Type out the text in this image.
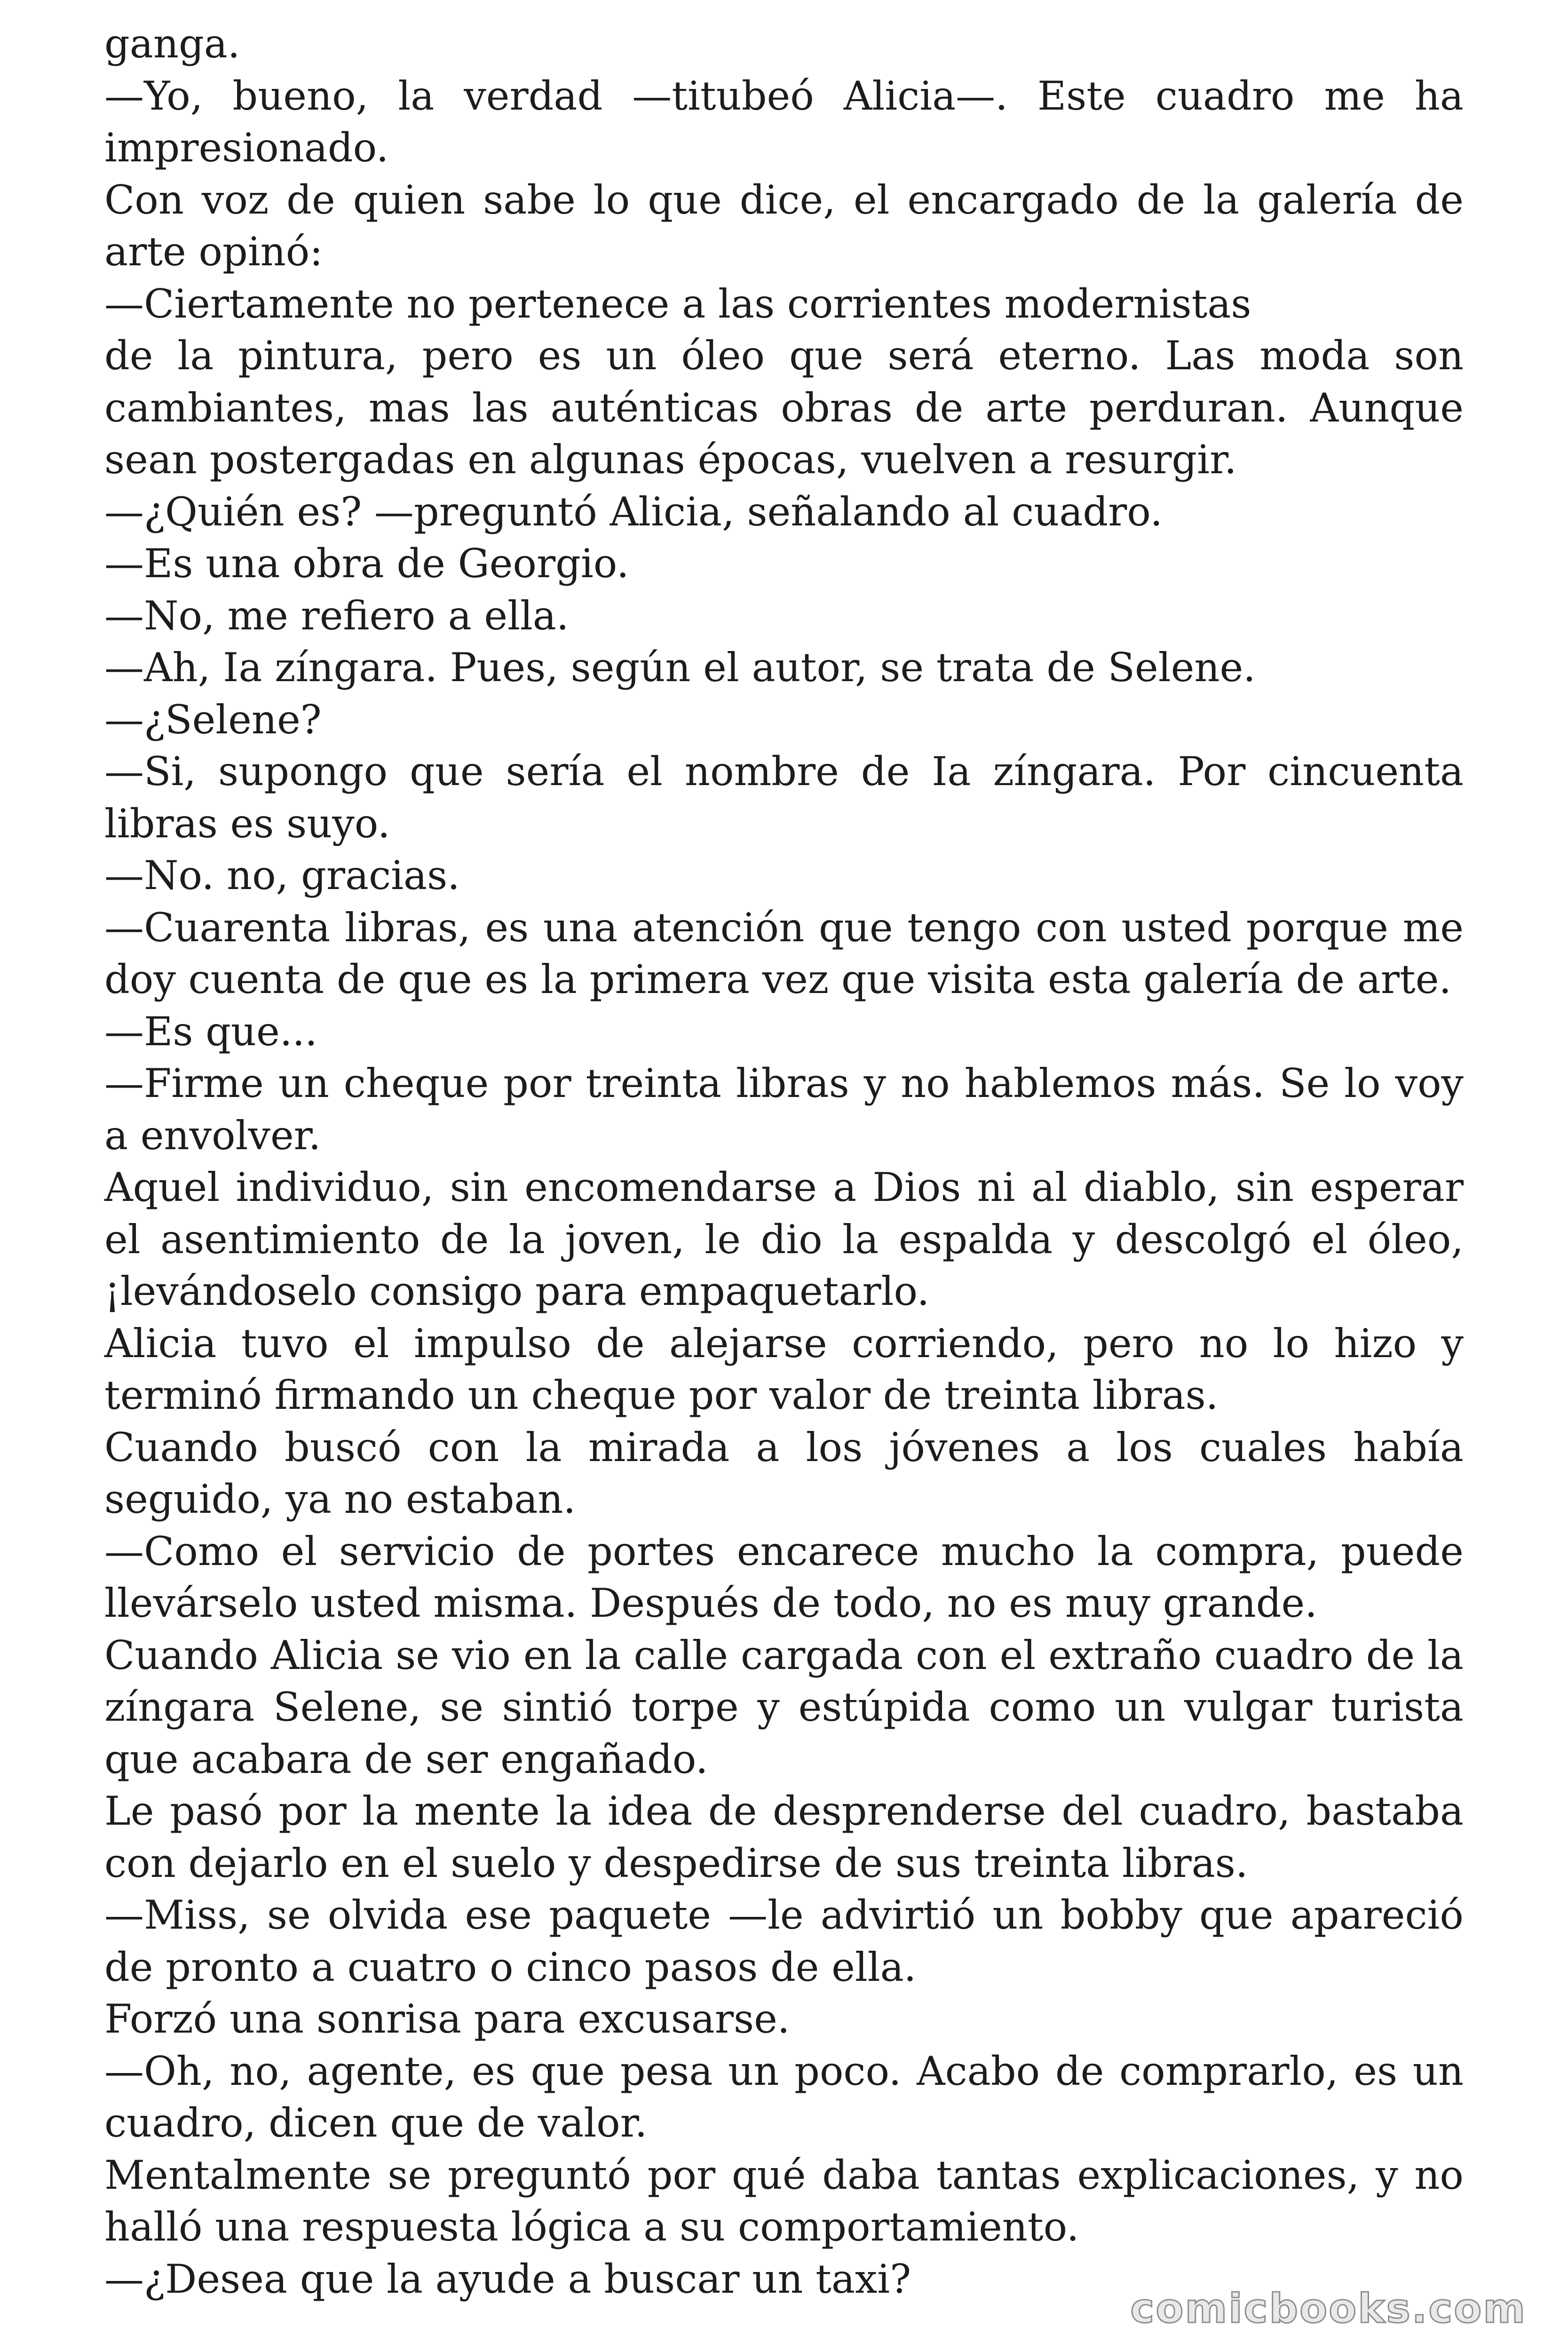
ganga.

—Yo, bueno, la verdad —titubeó Alicia—. Este cuadro me ha impresionado.

Con voz de quien sabe lo que dice, el encargado de la galería de arte opinó:

—Ciertamente no pertenece a las corrientes modernistas

de la pintura, pero es un óleo que será eterno. Las moda son cambiantes, mas las auténticas obras de arte perduran. Aunque sean postergadas en algunas épocas, vuelven a resurgir.

—¿Quién es? —preguntó Alicia, señalando al cuadro.

—Es una obra de Georgio.

—No, me refiero a ella.

—Ah, Ia zíngara. Pues, según el autor, se trata de Selene.

—¿Selene?

—Si, supongo que sería el nombre de Ia zíngara. Por cincuenta libras es suyo.

—No. no, gracias.

—Cuarenta libras, es una atención que tengo con usted porque me doy cuenta de que es la primera vez que visita esta galería de arte.

—Es que...

—Firme un cheque por treinta libras y no hablemos más. Se lo voy a envolver.

Aquel individuo, sin encomendarse a Dios ni al diablo, sin esperar el asentimiento de la joven, le dio la espalda y descolgó el óleo, ¡levándoselo consigo para empaquetarlo.

Alicia tuvo el impulso de alejarse corriendo, pero no lo hizo y terminó firmando un cheque por valor de treinta libras.

Cuando buscó con la mirada a los jóvenes a los cuales había seguido, ya no estaban.

—Como el servicio de portes encarece mucho la compra, puede llevárselo usted misma. Después de todo, no es muy grande.

Cuando Alicia se vio en la calle cargada con el extraño cuadro de la zíngara Selene, se sintió torpe y estúpida como un vulgar turista que acabara de ser engañado.

Le pasó por la mente la idea de desprenderse del cuadro, bastaba con dejarlo en el suelo y despedirse de sus treinta libras.

—Miss, se olvida ese paquete —le advirtió un bobby que apareció de pronto a cuatro o cinco pasos de ella.

Forzó una sonrisa para excusarse.

—Oh, no, agente, es que pesa un poco. Acabo de comprarlo, es un cuadro, dicen que de valor.

Mentalmente se preguntó por qué daba tantas explicaciones, y no halló una respuesta lógica a su comportamiento.

—¿Desea que la ayude a buscar un taxi?

comicbooks.com
